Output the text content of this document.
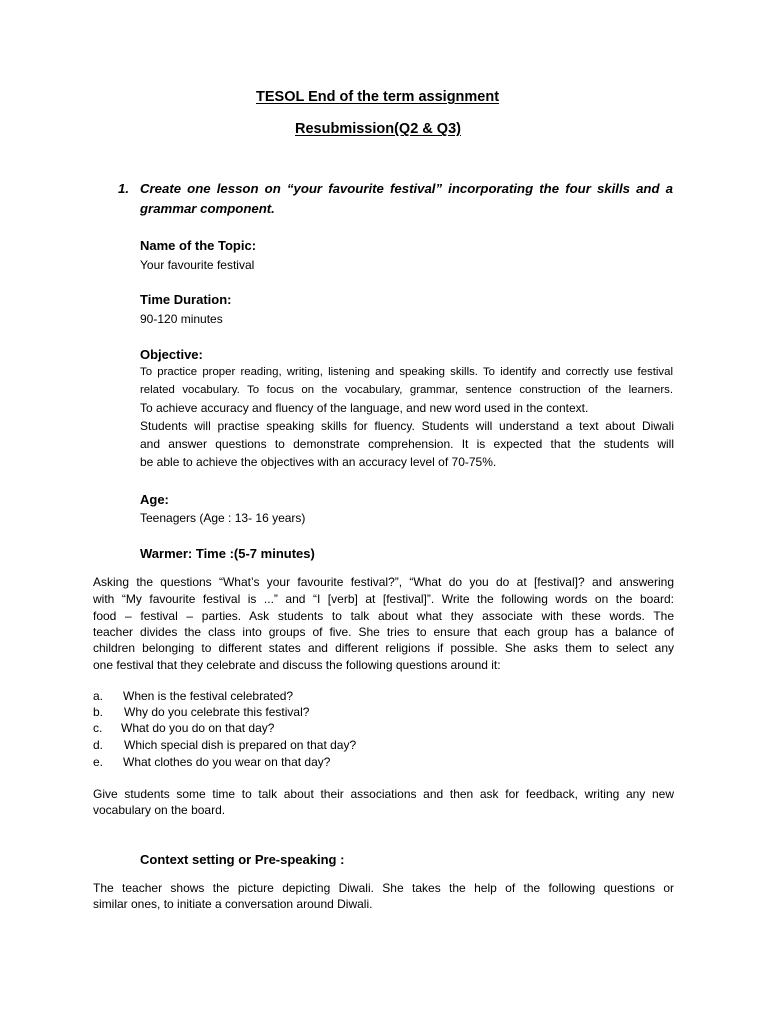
TESOL End of the term assignment
Resubmission(Q2 & Q3)
1. Create one lesson on “your favourite festival” incorporating the four skills and a
grammar component.
Name of the Topic:
Your favourite festival
Time Duration:
90-120 minutes
Objective:
To practice proper reading, writing, listening and speaking skills. To identify and correctly use festival
related vocabulary. To focus on the vocabulary, grammar, sentence construction of the learners.
To achieve accuracy and fluency of the language, and new word used in the context.
Students will practise speaking skills for fluency. Students will understand a text about Diwali
and answer questions to demonstrate comprehension. It is expected that the students will
be able to achieve the objectives with an accuracy level of 70-75%.
Age:
Teenagers (Age : 13- 16 years)
Warmer: Time :(5-7 minutes)
Asking the questions “What’s your favourite festival?”, “What do you do at [festival]? and answering
with “My favourite festival is ...” and “I [verb] at [festival]”. Write the following words on the board:
food – festival – parties. Ask students to talk about what they associate with these words. The
teacher divides the class into groups of five. She tries to ensure that each group has a balance of
children belonging to different states and different religions if possible. She asks them to select any
one festival that they celebrate and discuss the following questions around it:
a. When is the festival celebrated?
b. Why do you celebrate this festival?
c. What do you do on that day?
d. Which special dish is prepared on that day?
e. What clothes do you wear on that day?
Give students some time to talk about their associations and then ask for feedback, writing any new
vocabulary on the board.
Context setting or Pre-speaking :
The teacher shows the picture depicting Diwali. She takes the help of the following questions or
similar ones, to initiate a conversation around Diwali.
